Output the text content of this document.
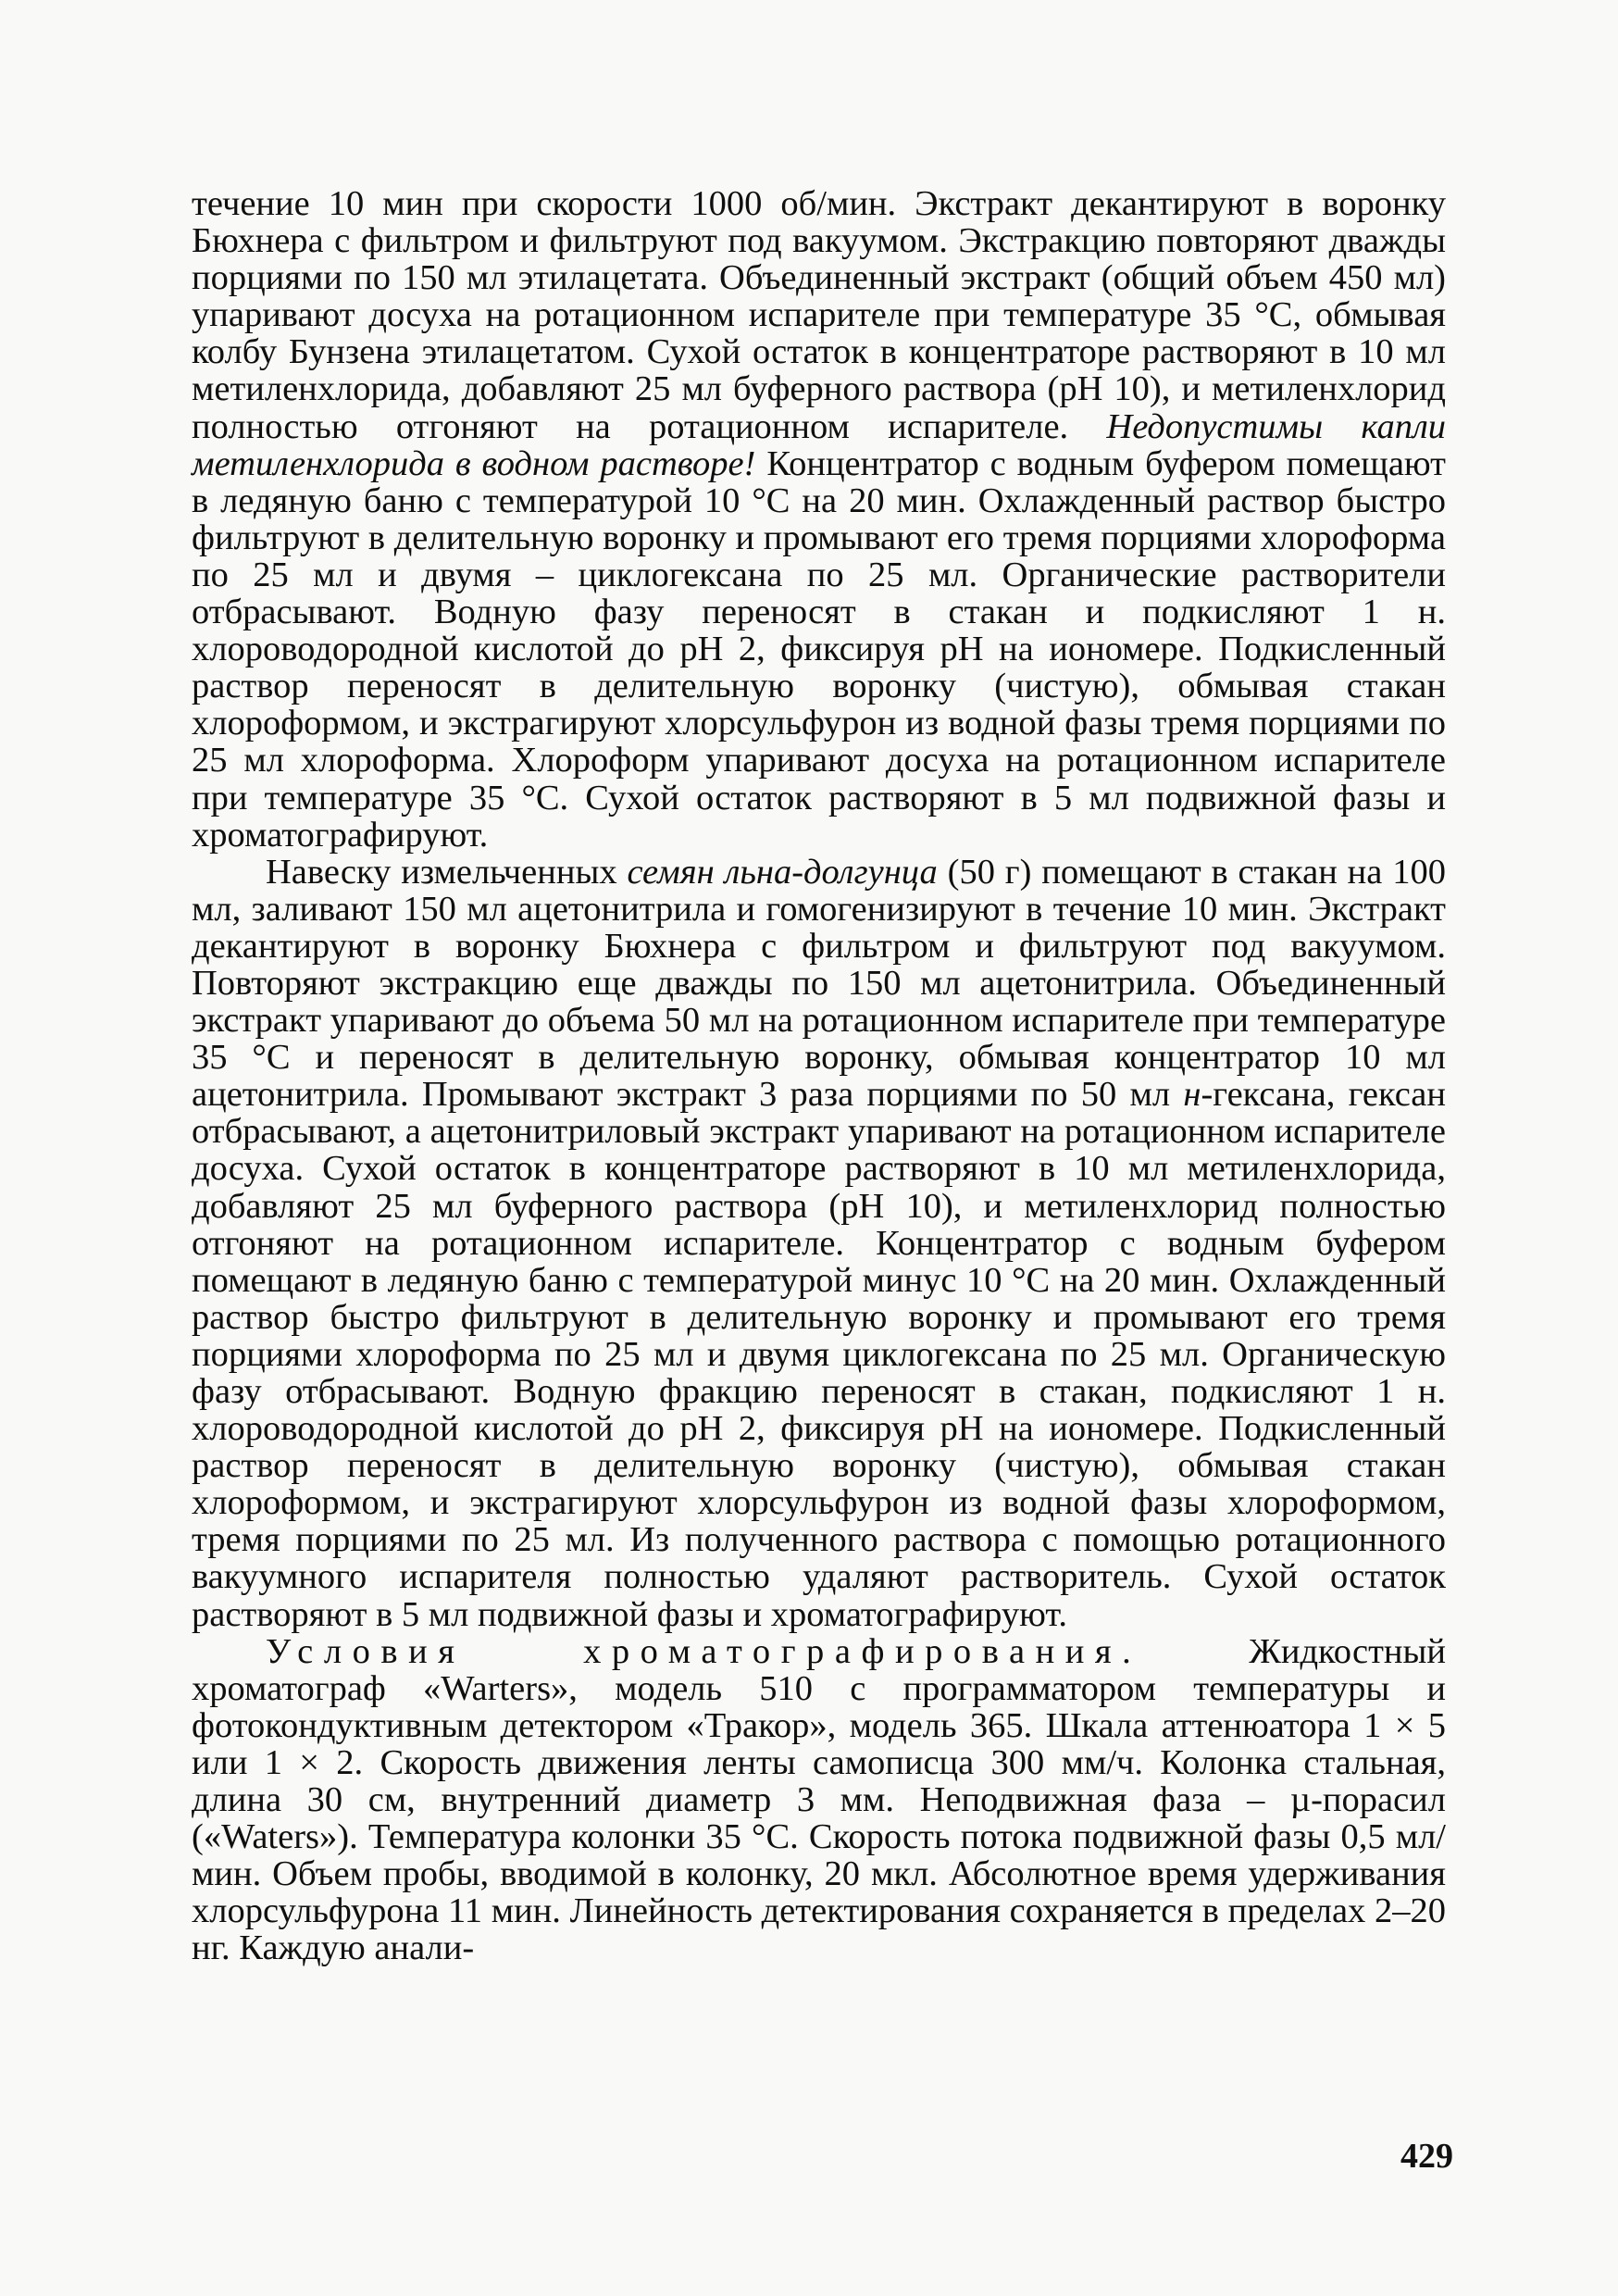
течение 10 мин при скорости 1000 об/мин. Экстракт декантируют в воронку Бюхнера с фильтром и фильтруют под вакуумом. Экстракцию повторяют дважды порциями по 150 мл этилацетата. Объединенный экстракт (общий объем 450 мл) упаривают досуха на ротационном испарителе при температуре 35 °С, обмывая колбу Бунзена этилацетатом. Сухой остаток в концентраторе растворяют в 10 мл метиленхлорида, добавляют 25 мл буферного раствора (рН 10), и метиленхлорид полностью отгоняют на ротационном испарителе. Недопустимы капли метиленхлорида в водном растворе! Концентратор с водным буфером помещают в ледяную баню с температурой 10 °С на 20 мин. Охлажденный раствор быстро фильтруют в делительную воронку и промывают его тремя порциями хлороформа по 25 мл и двумя – циклогексана по 25 мл. Органические растворители отбрасывают. Водную фазу переносят в стакан и подкисляют 1 н. хлороводородной кислотой до рН 2, фиксируя рН на иономере. Подкисленный раствор переносят в делительную воронку (чистую), обмывая стакан хлороформом, и экстрагируют хлорсульфурон из водной фазы тремя порциями по 25 мл хлороформа. Хлороформ упаривают досуха на ротационном испарителе при температуре 35 °С. Сухой остаток растворяют в 5 мл подвижной фазы и хроматографируют.

Навеску измельченных семян льна-долгунца (50 г) помещают в стакан на 100 мл, заливают 150 мл ацетонитрила и гомогенизируют в течение 10 мин. Экстракт декантируют в воронку Бюхнера с фильтром и фильтруют под вакуумом. Повторяют экстракцию еще дважды по 150 мл ацетонитрила. Объединенный экстракт упаривают до объема 50 мл на ротационном испарителе при температуре 35 °С и переносят в делительную воронку, обмывая концентратор 10 мл ацетонитрила. Промывают экстракт 3 раза порциями по 50 мл н-гексана, гексан отбрасывают, а ацетонитриловый экстракт упаривают на ротационном испарителе досуха. Сухой остаток в концентраторе растворяют в 10 мл метиленхлорида, добавляют 25 мл буферного раствора (рН 10), и метиленхлорид полностью отгоняют на ротационном испарителе. Концентратор с водным буфером помещают в ледяную баню с температурой минус 10 °С на 20 мин. Охлажденный раствор быстро фильтруют в делительную воронку и промывают его тремя порциями хлороформа по 25 мл и двумя циклогексана по 25 мл. Органическую фазу отбрасывают. Водную фракцию переносят в стакан, подкисляют 1 н. хлороводородной кислотой до рН 2, фиксируя рН на иономере. Подкисленный раствор переносят в делительную воронку (чистую), обмывая стакан хлороформом, и экстрагируют хлорсульфурон из водной фазы хлороформом, тремя порциями по 25 мл. Из полученного раствора с помощью ротационного вакуумного испарителя полностью удаляют растворитель. Сухой остаток растворяют в 5 мл подвижной фазы и хроматографируют.

Условия хроматографирования. Жидкостный хроматограф «Warters», модель 510 с программатором температуры и фотокондуктивным детектором «Тракор», модель 365. Шкала аттенюатора 1 × 5 или 1 × 2. Скорость движения ленты самописца 300 мм/ч. Колонка стальная, длина 30 см, внутренний диаметр 3 мм. Неподвижная фаза – µ-порасил («Waters»). Температура колонки 35 °С. Скорость потока подвижной фазы 0,5 мл/мин. Объем пробы, вводимой в колонку, 20 мкл. Абсолютное время удерживания хлорсульфурона 11 мин. Линейность детектирования сохраняется в пределах 2–20 нг. Каждую анали-

429
